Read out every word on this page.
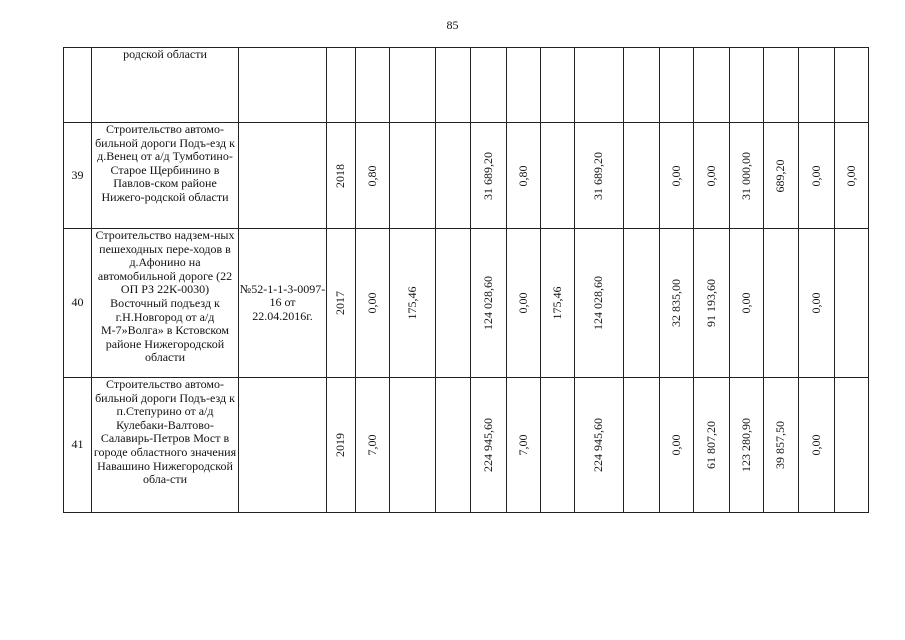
85
	родской области		

39	Строительство автомо-бильной дороги Подъ-езд к д.Венец от а/д Тумботино-Старое Щербинино в Павлов-ском районе Нижего-родской области		2018	0,80			31 689,20	0,80		31 689,20		0,00	0,00	31 000,00	689,20	0,00	0,00

40	Строительство надзем-ных пешеходных пере-ходов в д.Афонино на автомобильной дороге (22 ОП РЗ 22К-0030) Восточный подъезд к г.Н.Новгород от а/д М-7»Волга» в Кстовском районе Нижегородской области	№52-1-1-3-0097-16 от 22.04.2016г.	2017	0,00	175,46		124 028,60	0,00	175,46	124 028,60		32 835,00	91 193,60	0,00		0,00	

41	Строительство автомо-бильной дороги Подъ-езд к п.Степурино от а/д Кулебаки-Валтово-Салавирь-Петров Мост в городе областного значения Навашино Нижегородской обла-сти		2019	7,00			224 945,60	7,00		224 945,60		0,00	61 807,20	123 280,90	39 857,50	0,00	
